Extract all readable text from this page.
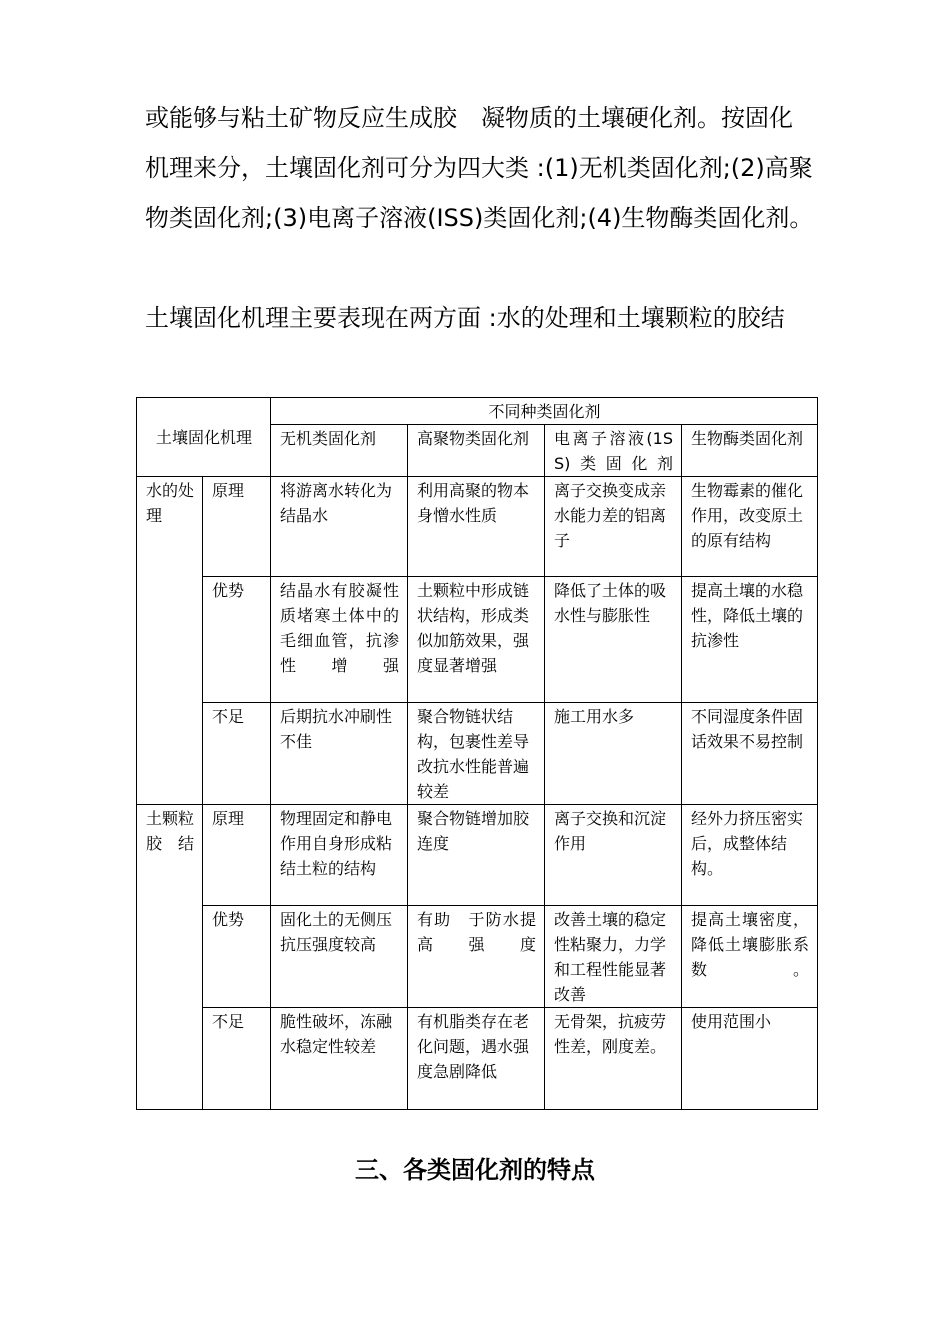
或能够与粘土矿物反应生成胶　凝物质的土壤硬化剂。按固化机理来分，土壤固化剂可分为四大类 :(1)无机类固化剂;(2)高聚物类固化剂;(3)电离子溶液(ISS)类固化剂;(4)生物酶类固化剂。

土壤固化机理主要表现在两方面 :水的处理和土壤颗粒的胶结

土壤固化机理		不同种类固化剂			
		无机类固化剂	高聚物类固化剂	电离子溶液(1SS)类固化剂	生物酶类固化剂
水的处理	原理	将游离水转化为结晶水	利用高聚的物本身憎水性质	离子交换变成亲水能力差的铝离子	生物霉素的催化作用，改变原土的原有结构
	优势	结晶水有胶凝性质堵寒土体中的毛细血管，抗渗性增强	土颗粒中形成链状结构，形成类似加筋效果，强度显著增强	降低了土体的吸水性与膨胀性	提高土壤的水稳性，降低土壤的抗渗性
	不足	后期抗水冲刷性不佳	聚合物链状结构，包裹性差导改抗水性能普遍较差	施工用水多	不同湿度条件固话效果不易控制
土颗粒胶结	原理	物理固定和静电作用自身形成粘结土粒的结构	聚合物链增加胶连度	离子交换和沉淀作用	经外力挤压密实后，成整体结构。
	优势	固化土的无侧压抗压强度较高	有助　于防水提高强度	改善土壤的稳定性粘聚力，力学和工程性能显著改善	提高土壤密度，降低土壤膨胀系数。
	不足	脆性破坏，冻融水稳定性较差	有机脂类存在老化问题，遇水强度急剧降低	无骨架，抗疲劳性差，刚度差。	使用范围小
三、各类固化剂的特点
